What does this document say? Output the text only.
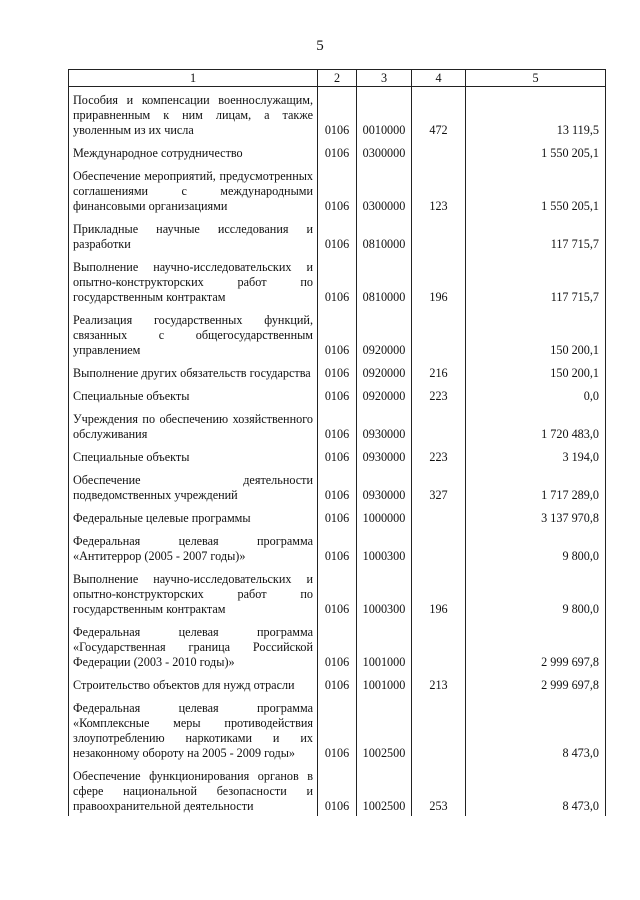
5
1	2	3	4	5
Пособия и компенсации военнослужащим, приравненным к ним лицам, а также уволенным из их числа	0106	0010000	472	13 119,5
Международное сотрудничество	0106	0300000		1 550 205,1
Обеспечение мероприятий, предусмотренных соглашениями с международными финансовыми организациями	0106	0300000	123	1 550 205,1
Прикладные научные исследования и разработки	0106	0810000		117 715,7
Выполнение научно-исследовательских и опытно-конструкторских работ по государственным контрактам	0106	0810000	196	117 715,7
Реализация государственных функций, связанных с общегосударственным управлением	0106	0920000		150 200,1
Выполнение других обязательств государства	0106	0920000	216	150 200,1
Специальные объекты	0106	0920000	223	0,0
Учреждения по обеспечению хозяйственного обслуживания	0106	0930000		1 720 483,0
Специальные объекты	0106	0930000	223	3 194,0
Обеспечение деятельности подведомственных учреждений	0106	0930000	327	1 717 289,0
Федеральные целевые программы	0106	1000000		3 137 970,8
Федеральная целевая программа «Антитеррор (2005 - 2007 годы)»	0106	1000300		9 800,0
Выполнение научно-исследовательских и опытно-конструкторских работ по государственным контрактам	0106	1000300	196	9 800,0
Федеральная целевая программа «Государственная граница Российской Федерации (2003 - 2010 годы)»	0106	1001000		2 999 697,8
Строительство объектов для нужд отрасли	0106	1001000	213	2 999 697,8
Федеральная целевая программа «Комплексные меры противодействия злоупотреблению наркотиками и их незаконному обороту на 2005 - 2009 годы»	0106	1002500		8 473,0
Обеспечение функционирования органов в сфере национальной безопасности и правоохранительной деятельности	0106	1002500	253	8 473,0
